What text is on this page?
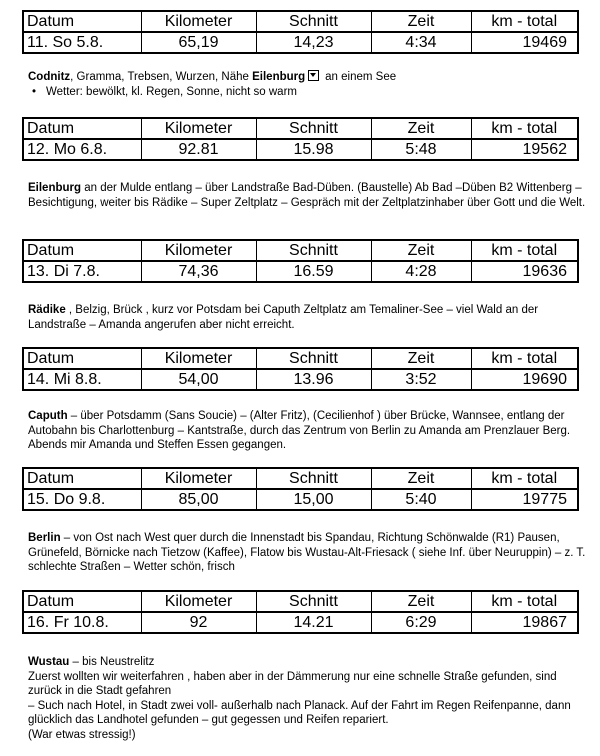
Datum	Kilometer	Schnitt	Zeit	km - total
11. So 5.8.	65,19	14,23	4:34	19469

Codnitz, Gramma, Trebsen, Wurzen, Nähe Eilenburg an einem See

• Wetter: bewölkt, kl. Regen, Sonne, nicht so warm

Datum	Kilometer	Schnitt	Zeit	km - total
12. Mo 6.8.	92.81	15.98	5:48	19562

Eilenburg an der Mulde entlang – über Landstraße Bad-Düben. (Baustelle) Ab Bad –Düben B2 Wittenberg – Besichtigung, weiter bis Rädike – Super Zeltplatz – Gespräch mit der Zeltplatzinhaber über Gott und die Welt.

Datum	Kilometer	Schnitt	Zeit	km - total
13. Di 7.8.	74,36	16.59	4:28	19636

Rädike , Belzig, Brück , kurz vor Potsdam bei Caputh Zeltplatz am Temaliner-See – viel Wald an der Landstraße – Amanda angerufen aber nicht erreicht.

Datum	Kilometer	Schnitt	Zeit	km - total
14. Mi 8.8.	54,00	13.96	3:52	19690

Caputh – über Potsdamm (Sans Soucie) – (Alter Fritz), (Cecilienhof ) über Brücke, Wannsee, entlang der Autobahn bis Charlottenburg – Kantstraße, durch das Zentrum von Berlin zu Amanda am Prenzlauer Berg. Abends mir Amanda und Steffen Essen gegangen.

Datum	Kilometer	Schnitt	Zeit	km - total
15. Do 9.8.	85,00	15,00	5:40	19775

Berlin – von Ost nach West quer durch die Innenstadt bis Spandau, Richtung Schönwalde (R1) Pausen, Grünefeld, Börnicke nach Tietzow (Kaffee), Flatow bis Wustau-Alt-Friesack ( siehe Inf. über Neuruppin) – z. T. schlechte Straßen – Wetter schön, frisch

Datum	Kilometer	Schnitt	Zeit	km - total
16. Fr 10.8.	92	14.21	6:29	19867

Wustau – bis Neustrelitz

Zuerst wollten wir weiterfahren , haben aber in der Dämmerung nur eine schnelle Straße gefunden, sind zurück in die Stadt gefahren

– Such nach Hotel, in Stadt zwei voll- außerhalb nach Planack. Auf der Fahrt im Regen Reifenpanne, dann glücklich das Landhotel gefunden – gut gegessen und Reifen repariert.

(War etwas stressig!)
